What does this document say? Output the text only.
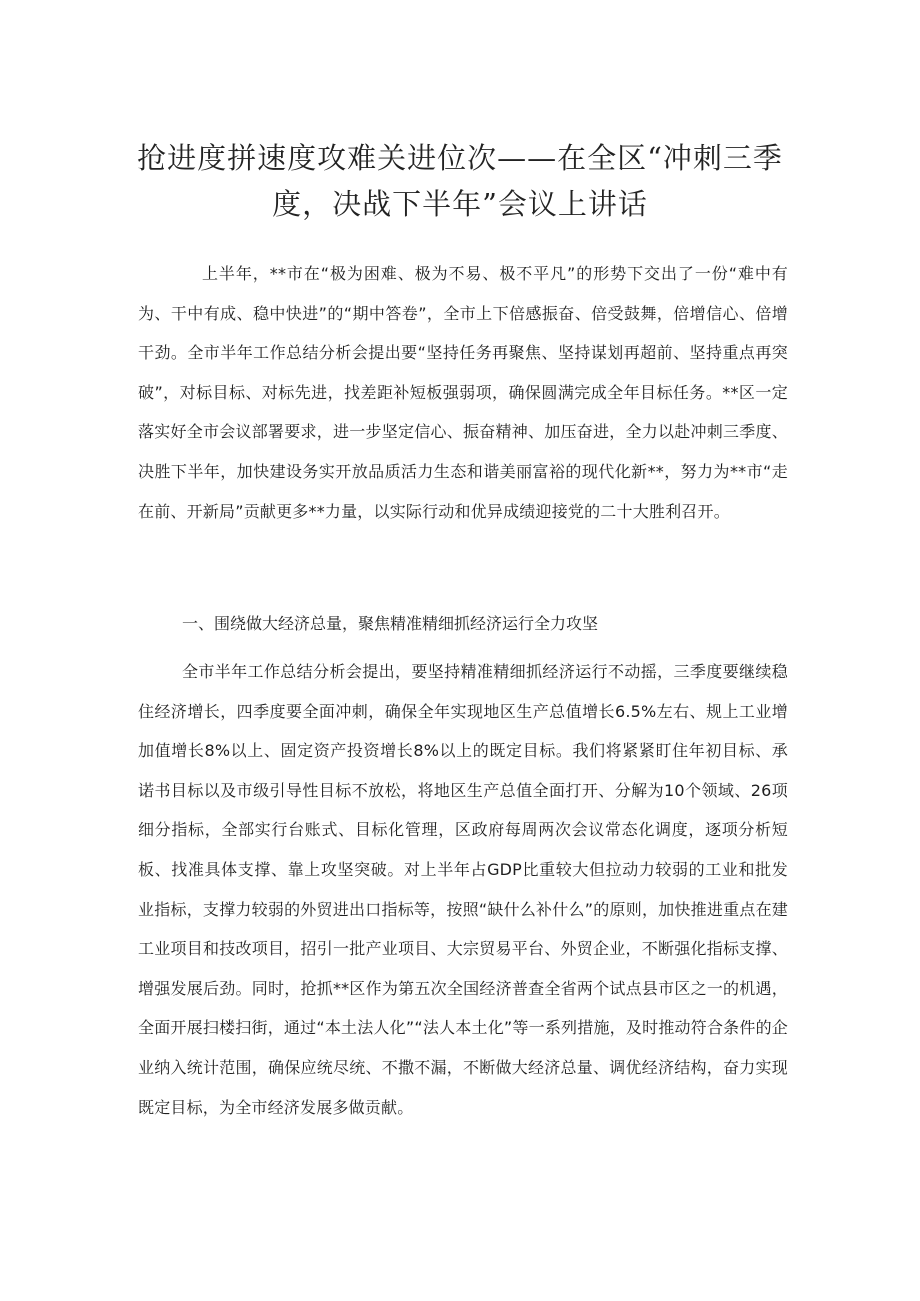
抢进度拼速度攻难关进位次——在全区“冲刺三季
度，决战下半年”会议上讲话

上半年，**市在“极为困难、极为不易、极不平凡”的形势下交出了一份“难中有为、干中有成、稳中快进”的“期中答卷”，全市上下倍感振奋、倍受鼓舞，倍增信心、倍增干劲。全市半年工作总结分析会提出要“坚持任务再聚焦、坚持谋划再超前、坚持重点再突破”，对标目标、对标先进，找差距补短板强弱项，确保圆满完成全年目标任务。**区一定落实好全市会议部署要求，进一步坚定信心、振奋精神、加压奋进，全力以赴冲刺三季度、决胜下半年，加快建设务实开放品质活力生态和谐美丽富裕的现代化新**，努力为**市“走在前、开新局”贡献更多**力量，以实际行动和优异成绩迎接党的二十大胜利召开。

一、围绕做大经济总量，聚焦精准精细抓经济运行全力攻坚

全市半年工作总结分析会提出，要坚持精准精细抓经济运行不动摇，三季度要继续稳住经济增长，四季度要全面冲刺，确保全年实现地区生产总值增长6.5%左右、规上工业增加值增长8%以上、固定资产投资增长8%以上的既定目标。我们将紧紧盯住年初目标、承诺书目标以及市级引导性目标不放松，将地区生产总值全面打开、分解为10个领域、26项细分指标，全部实行台账式、目标化管理，区政府每周两次会议常态化调度，逐项分析短板、找准具体支撑、靠上攻坚突破。对上半年占GDP比重较大但拉动力较弱的工业和批发业指标，支撑力较弱的外贸进出口指标等，按照“缺什么补什么”的原则，加快推进重点在建工业项目和技改项目，招引一批产业项目、大宗贸易平台、外贸企业，不断强化指标支撑、增强发展后劲。同时，抢抓**区作为第五次全国经济普查全省两个试点县市区之一的机遇，全面开展扫楼扫街，通过“本土法人化”“法人本土化”等一系列措施，及时推动符合条件的企业纳入统计范围，确保应统尽统、不撒不漏，不断做大经济总量、调优经济结构，奋力实现既定目标，为全市经济发展多做贡献。
